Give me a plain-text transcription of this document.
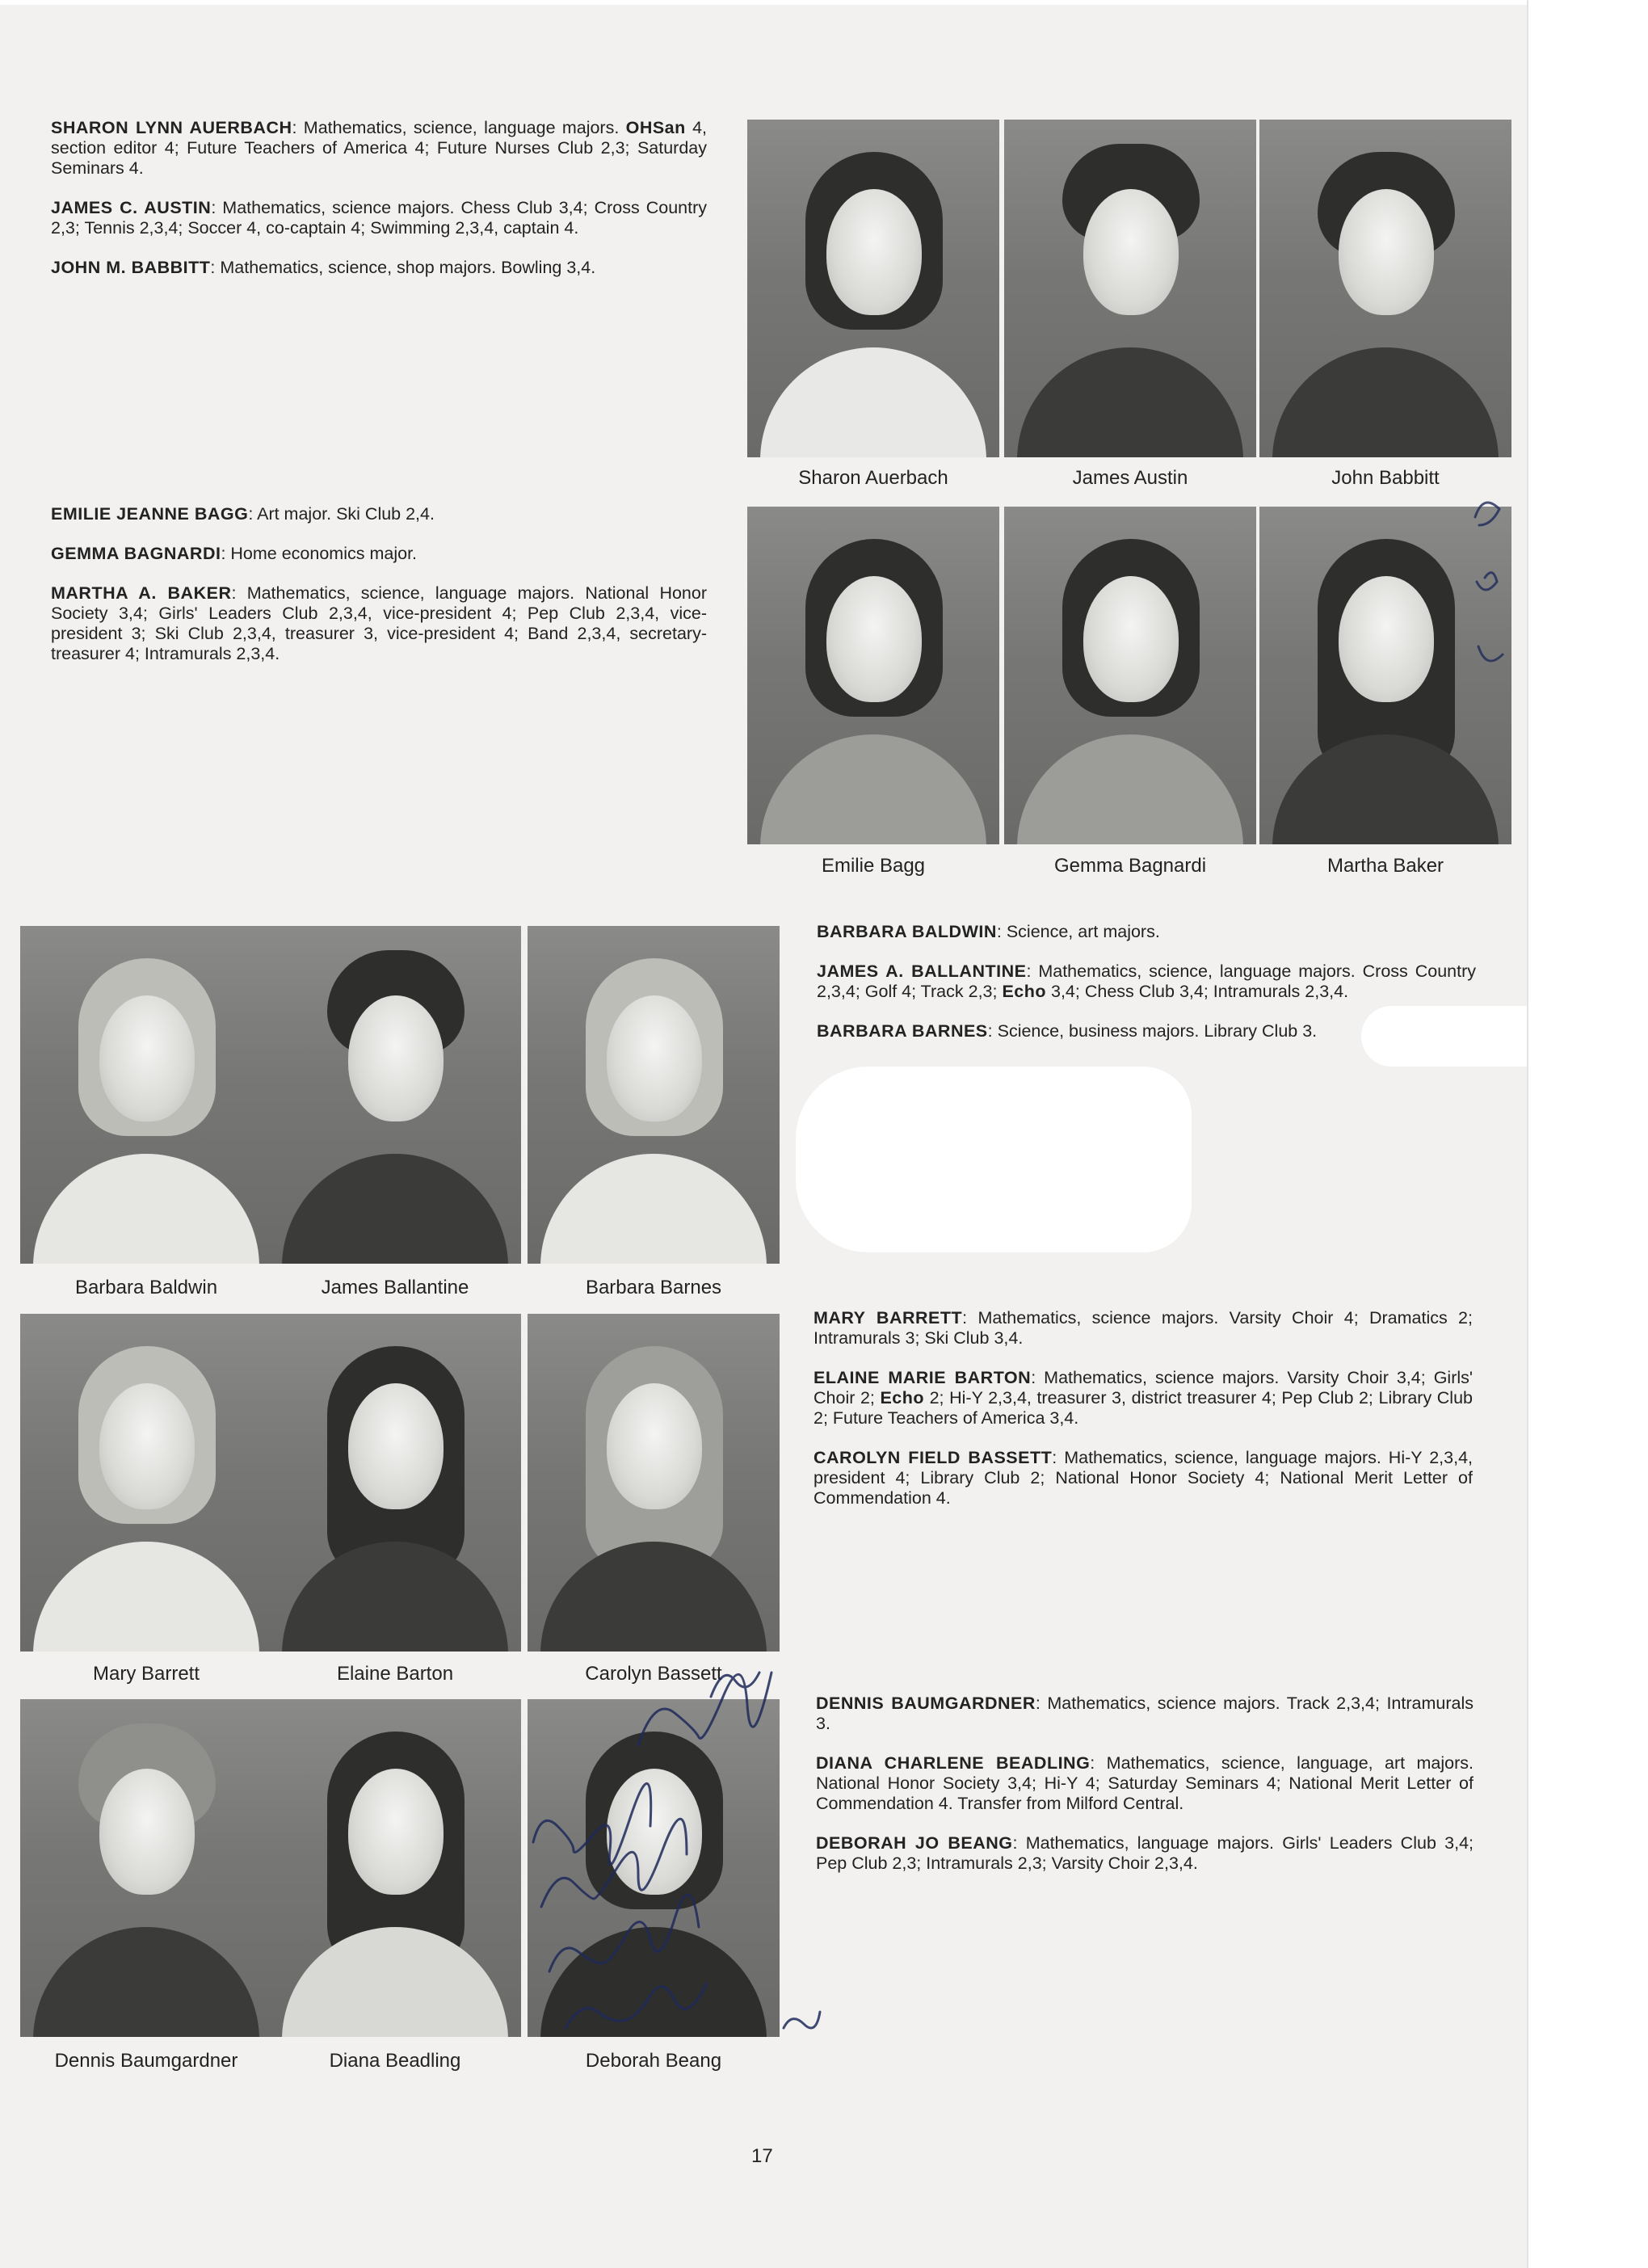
SHARON LYNN AUERBACH: Mathematics, science, language majors. OHSan 4, section editor 4; Future Teachers of America 4; Future Nurses Club 2,3; Saturday Seminars 4.

JAMES C. AUSTIN: Mathematics, science majors. Chess Club 3,4; Cross Country 2,3; Tennis 2,3,4; Soccer 4, co-captain 4; Swimming 2,3,4, captain 4.

JOHN M. BABBITT: Mathematics, science, shop majors. Bowling 3,4.

Sharon Auerbach	James Austin	John Babbitt

EMILIE JEANNE BAGG: Art major. Ski Club 2,4.

GEMMA BAGNARDI: Home economics major.

MARTHA A. BAKER: Mathematics, science, language majors. National Honor Society 3,4; Girls' Leaders Club 2,3,4, vice-president 4; Pep Club 2,3,4, vice-president 3; Ski Club 2,3,4, treasurer 3, vice-president 4; Band 2,3,4, secretary-treasurer 4; Intramurals 2,3,4.

Emilie Bagg	Gemma Bagnardi	Martha Baker
Barbara Baldwin	James Ballantine	Barbara Barnes

BARBARA BALDWIN: Science, art majors.

JAMES A. BALLANTINE: Mathematics, science, language majors. Cross Country 2,3,4; Golf 4; Track 2,3; Echo 3,4; Chess Club 3,4; Intramurals 2,3,4.

BARBARA BARNES: Science, business majors. Library Club 3.

Mary Barrett	Elaine Barton	Carolyn Bassett

MARY BARRETT: Mathematics, science majors. Varsity Choir 4; Dramatics 2; Intramurals 3; Ski Club 3,4.

ELAINE MARIE BARTON: Mathematics, science majors. Varsity Choir 3,4; Girls' Choir 2; Echo 2; Hi-Y 2,3,4, treasurer 3, district treasurer 4; Pep Club 2; Library Club 2; Future Teachers of America 3,4.

CAROLYN FIELD BASSETT: Mathematics, science, language majors. Hi-Y 2,3,4, president 4; Library Club 2; National Honor Society 4; National Merit Letter of Commendation 4.

Dennis Baumgardner	Diana Beadling	Deborah Beang

DENNIS BAUMGARDNER: Mathematics, science majors. Track 2,3,4; Intramurals 3.

DIANA CHARLENE BEADLING: Mathematics, science, language, art majors. National Honor Society 3,4; Hi-Y 4; Saturday Seminars 4; National Merit Letter of Commendation 4. Transfer from Milford Central.

DEBORAH JO BEANG: Mathematics, language majors. Girls' Leaders Club 3,4; Pep Club 2,3; Intramurals 2,3; Varsity Choir 2,3,4.

17
